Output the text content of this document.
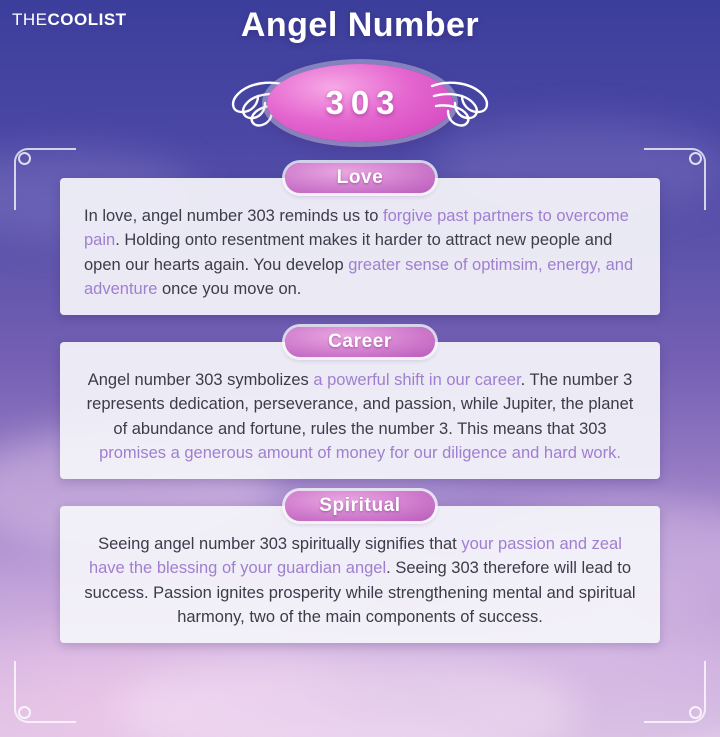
THECOOLIST	Angel Number
303
Love

In love, angel number 303 reminds us to forgive past partners to overcome pain. Holding onto resentment makes it harder to attract new people and open our hearts again. You develop greater sense of optimsim, energy, and adventure once you move on.

Career

Angel number 303 symbolizes a powerful shift in our career. The number 3 represents dedication, perseverance, and passion, while Jupiter, the planet of abundance and fortune, rules the number 3. This means that 303 promises a generous amount of money for our diligence and hard work.

Spiritual

Seeing angel number 303 spiritually signifies that your passion and zeal have the blessing of your guardian angel. Seeing 303 therefore will lead to success. Passion ignites prosperity while strengthening mental and spiritual harmony, two of the main components of success.
